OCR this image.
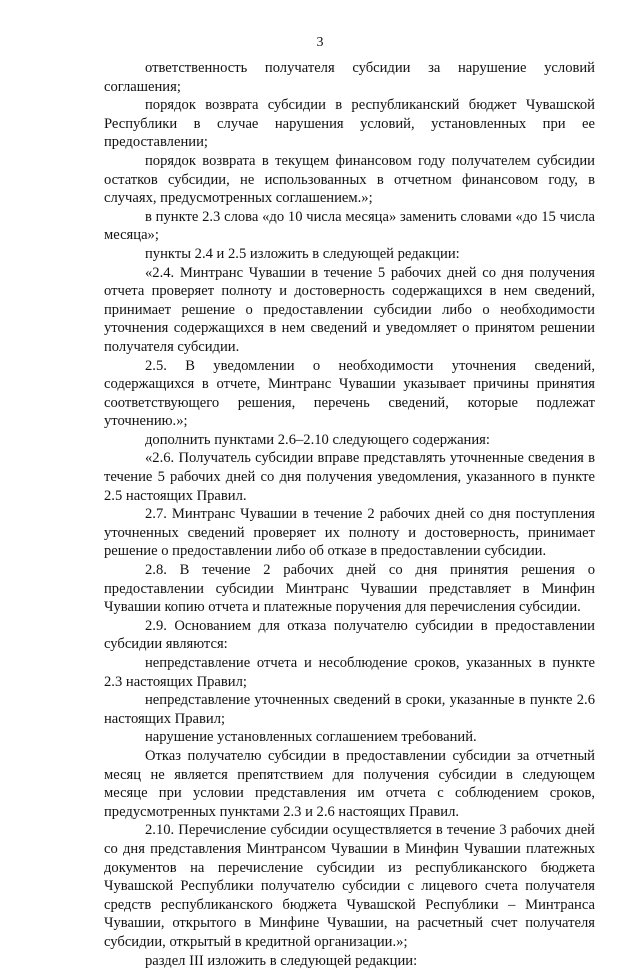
3

ответственность получателя субсидии за нарушение условий соглашения;

порядок возврата субсидии в республиканский бюджет Чувашской Республики в случае нарушения условий, установленных при ее предоставлении;

порядок возврата в текущем финансовом году получателем субсидии остатков субсидии, не использованных в отчетном финансовом году, в случаях, предусмотренных соглашением.»;

в пункте 2.3 слова «до 10 числа месяца» заменить словами «до 15 числа месяца»;

пункты 2.4 и 2.5 изложить в следующей редакции:

«2.4. Минтранс Чувашии в течение 5 рабочих дней со дня получения отчета проверяет полноту и достоверность содержащихся в нем сведений, принимает решение о предоставлении субсидии либо о необходимости уточнения содержащихся в нем сведений и уведомляет о принятом решении получателя субсидии.

2.5. В уведомлении о необходимости уточнения сведений, содержащихся в отчете, Минтранс Чувашии указывает причины принятия соответствующего решения, перечень сведений, которые подлежат уточнению.»;

дополнить пунктами 2.6–2.10 следующего содержания:

«2.6. Получатель субсидии вправе представлять уточненные сведения в течение 5 рабочих дней со дня получения уведомления, указанного в пункте 2.5 настоящих Правил.

2.7. Минтранс Чувашии в течение 2 рабочих дней со дня поступления уточненных сведений проверяет их полноту и достоверность, принимает решение о предоставлении либо об отказе в предоставлении субсидии.

2.8. В течение 2 рабочих дней со дня принятия решения о предоставлении субсидии Минтранс Чувашии представляет в Минфин Чувашии копию отчета и платежные поручения для перечисления субсидии.

2.9. Основанием для отказа получателю субсидии в предоставлении субсидии являются:

непредставление отчета и несоблюдение сроков, указанных в пункте 2.3 настоящих Правил;

непредставление уточненных сведений в сроки, указанные в пункте 2.6 настоящих Правил;

нарушение установленных соглашением требований.

Отказ получателю субсидии в предоставлении субсидии за отчетный месяц не является препятствием для получения субсидии в следующем месяце при условии представления им отчета с соблюдением сроков, предусмотренных пунктами 2.3 и 2.6 настоящих Правил.

2.10. Перечисление субсидии осуществляется в течение 3 рабочих дней со дня представления Минтрансом Чувашии в Минфин Чувашии платежных документов на перечисление субсидии из республиканского бюджета Чувашской Республики получателю субсидии с лицевого счета получателя средств республиканского бюджета Чувашской Республики – Минтранса Чувашии, открытого в Минфине Чувашии, на расчетный счет получателя субсидии, открытый в кредитной организации.»;

раздел III изложить в следующей редакции:
